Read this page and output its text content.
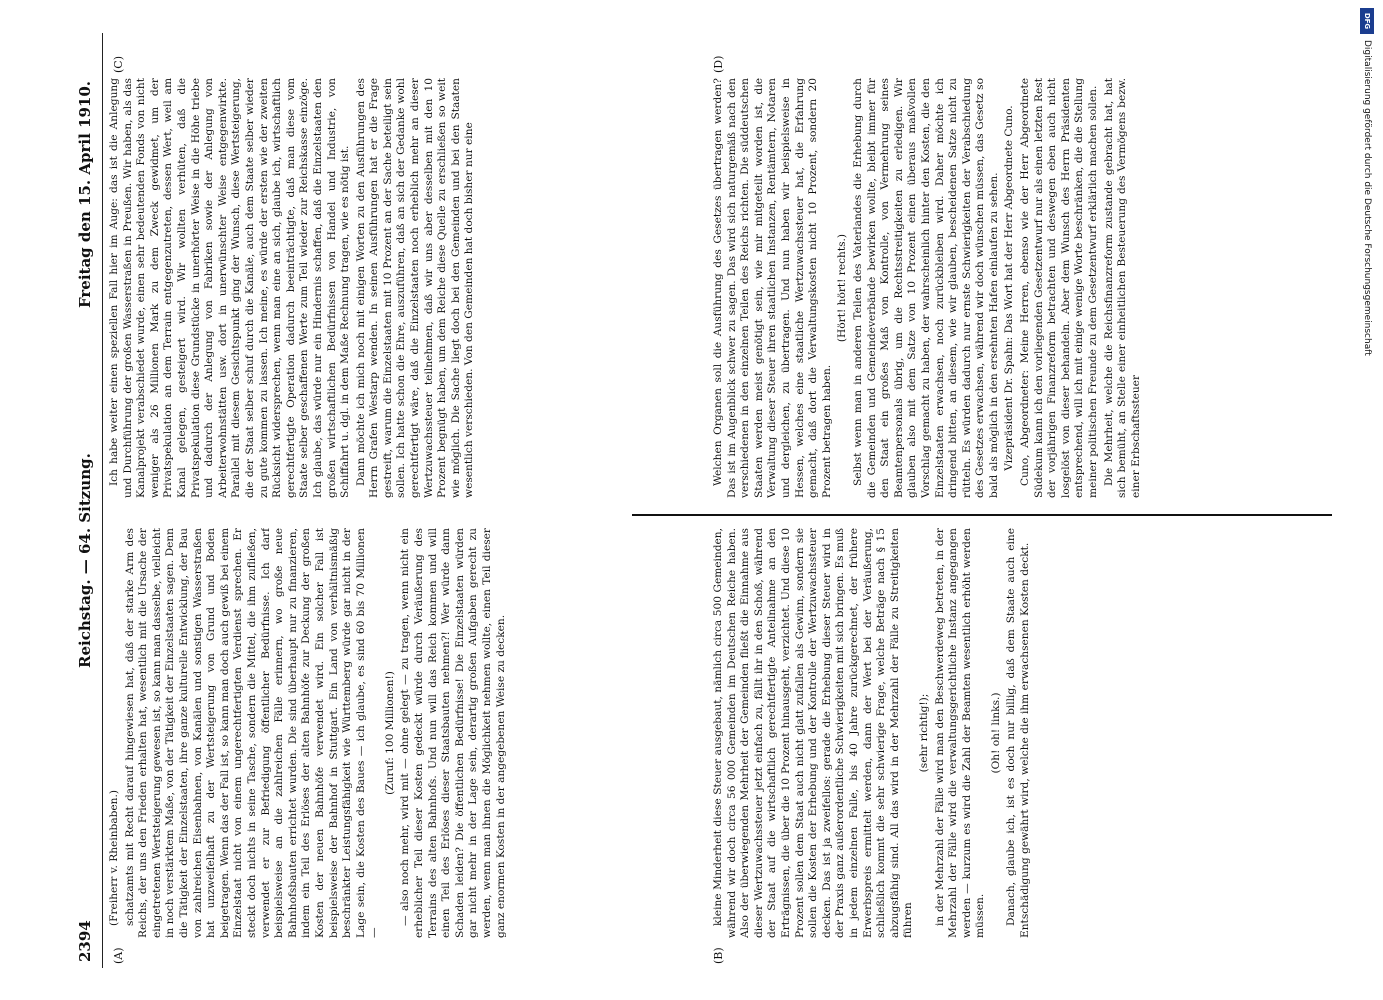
2394
Reichstag. — 64. Sitzung.
Freitag den 15. April 1910.
(A)	(B)
(C)	(D)

(Freiherr v. Rheinbaben.) schatzamts mit Recht darauf hingewiesen hat, daß der starke Arm des Reichs, der uns den Frieden erhalten hat, wesentlich mit die Ursache der eingetretenen Wertsteigerung gewesen ist, so kann man dasselbe, vielleicht in noch verstärktem Maße, von der Tätigkeit der Einzelstaaten sagen. Denn die Tätigkeit der Einzelstaaten, ihre ganze kulturelle Entwicklung, der Bau von zahlreichen Eisenbahnen, von Kanälen und sonstigen Wasserstraßen hat unzweifelhaft zu der Wertsteigerung von Grund und Boden beigetragen. Wenn das der Fall ist, so kann man doch auch gewiß bei einem Einzelstaat nicht von einem ungerechtfertigten Verdienst sprechen. Er steckt doch nichts in seine Tasche, sondern die Mittel, die ihm zufließen, verwendet er zur Befriedigung öffentlicher Bedürfnisse. Ich darf beispielsweise an die zahlreichen Fälle erinnern, wo große neue Bahnhofsbauten errichtet wurden. Die sind überhaupt nur zu finanzieren, indem ein Teil des Erlöses der alten Bahnhöfe zur Deckung der großen Kosten der neuen Bahnhöfe verwendet wird. Ein solcher Fall ist beispielsweise der Bahnhof in Stuttgart. Ein Land von verhältnismäßig beschränkter Leistungsfähigkeit wie Württemberg würde gar nicht in der Lage sein, die Kosten des Baues — ich glaube, es sind 60 bis 70 Millionen —

(Zuruf: 100 Millionen!) — also noch mehr, wird mit — ohne gelegt — zu tragen, wenn nicht ein erheblicher Teil dieser Kosten gedeckt würde durch Veräußerung des Terrains des alten Bahnhofs. Und nun will das Reich kommen und will einen Teil des Erlöses dieser Staatsbauten nehmen?! Wer würde dann Schaden leiden? Die öffentlichen Bedürfnisse! Die Einzelstaaten würden gar nicht mehr in der Lage sein, derartig großen Aufgaben gerecht zu werden, wenn man ihnen die Möglichkeit nehmen wollte, einen Teil dieser ganz enormen Kosten in der angegebenen Weise zu decken.

Ich habe weiter einen speziellen Fall hier im Auge: das ist die Anlegung und Durchführung der großen Wasserstraßen in Preußen. Wir haben, als das Kanalprojekt verabschiedet wurde, einen sehr bedeutenden Fonds von nicht weniger als 26 Millionen Mark zu dem Zweck gewidmet, um der Privatspekulation an dem Terrain entgegenzutreten, dessen Wert, weil am Kanal gelegen, gesteigert wird. Wir wollten verhüten, daß die Privatspekulation diese Grundstücke in unerhörter Weise in die Höhe triebe und dadurch der Anlegung von Fabriken sowie der Anlegung von Arbeiterwohnstätten usw. dort in unerwünschter Weise entgegenwirkte. Parallel mit diesem Gesichtspunkt ging der Wunsch, diese Wertsteigerung, die der Staat selber schuf durch die Kanäle, auch dem Staate selber wieder zu gute kommen zu lassen. Ich meine, es würde der ersten wie der zweiten Rücksicht widersprechen, wenn man eine an sich, glaube ich, wirtschaftlich gerechtfertigte Operation dadurch beeinträchtigte, daß man diese vom Staate selber geschaffenen Werte zum Teil wieder zur Reichskasse einzöge. Ich glaube, das würde nur ein Hindernis schaffen, daß die Einzelstaaten den großen wirtschaftlichen Bedürfnissen von Handel und Industrie, von Schiffahrt u. dgl. in dem Maße Rechnung tragen, wie es nötig ist. Dann möchte ich mich noch mit einigen Worten zu den Ausführungen des Herrn Grafen Westarp wenden. In seinen Ausführungen hat er die Frage gestreift, warum die Einzelstaaten mit 10 Prozent an der Sache beteiligt sein sollen. Ich hatte schon die Ehre, auszuführen, daß an sich der Gedanke wohl gerechtfertigt wäre, daß die Einzelstaaten noch erheblich mehr an dieser Wertzuwachssteuer teilnehmen, daß wir uns aber desselben mit den 10 Prozent begnügt haben, um dem Reiche diese Quelle zu erschließen so weit wie möglich. Die Sache liegt doch bei den Gemeinden und bei den Staaten wesentlich verschieden. Von den Gemeinden hat doch bisher nur eine

kleine Minderheit diese Steuer ausgebaut, nämlich circa 500 Gemeinden, während wir doch circa 56 000 Gemeinden im Deutschen Reiche haben. Also der überwiegenden Mehrheit der Gemeinden fließt die Einnahme aus dieser Wertzuwachssteuer jetzt einfach zu, fällt ihr in den Schoß, während der Staat auf die wirtschaftlich gerechtfertigte Anteilnahme an den Erträgnissen, die über die 10 Prozent hinausgeht, verzichtet. Und diese 10 Prozent sollen dem Staat auch nicht glatt zufallen als Gewinn, sondern sie sollen die Kosten der Erhebung und der Kontrolle der Wertzuwachssteuer decken. Das ist ja zweifellos: gerade die Erhebung dieser Steuer wird in der Praxis ganz außerordentliche Schwierigkeiten mit sich bringen. Es muß in jedem einzelnen Falle, bis 40 Jahre zurückgerechnet, der frühere Erwerbspreis ermittelt werden, dann der Wert bei der Veräußerung, schließlich kommt die sehr schwierige Frage, welche Beträge nach § 15 abzugsfähig sind. All das wird in der Mehrzahl der Fälle zu Streitigkeiten führen

(sehr richtig!); in der Mehrzahl der Fälle wird man den Beschwerdeweg betreten, in der Mehrzahl der Fälle wird die verwaltungsgerichtliche Instanz angegangen werden — kurzum es wird die Zahl der Beamten wesentlich erhöht werden müssen.

(Oh! oh! links.) Danach, glaube ich, ist es doch nur billig, daß dem Staate auch eine Entschädigung gewährt wird, welche die ihm erwachsenen Kosten deckt.

Welchen Organen soll die Ausführung des Gesetzes übertragen werden? Das ist im Augenblick schwer zu sagen. Das wird sich naturgemäß nach den verschiedenen in den einzelnen Teilen des Reichs richten. Die süddeutschen Staaten werden meist genötigt sein, wie mir mitgeteilt worden ist, die Verwaltung dieser Steuer ihren staatlichen Instanzen, Rentämtern, Notaren und dergleichen, zu übertragen. Und nun haben wir beispielsweise in Hessen, welches eine staatliche Wertzuwachssteuer hat, die Erfahrung gemacht, daß dort die Verwaltungskosten nicht 10 Prozent, sondern 20 Prozent betragen haben.

(Hört! hört! rechts.) Selbst wenn man in anderen Teilen des Vaterlandes die Erhebung durch die Gemeinden und Gemeindeverbände bewirken wollte, bleibt immer für den Staat ein großes Maß von Kontrolle, von Vermehrung seines Beamtenpersonals übrig, um die Rechtsstreitigkeiten zu erledigen. Wir glauben also mit dem Satze von 10 Prozent einen überaus maßvollen Vorschlag gemacht zu haben, der wahrscheinlich hinter den Kosten, die den Einzelstaaten erwachsen, noch zurückbleiben wird. Daher möchte ich dringend bitten, an diesem, wie wir glauben, bescheidenen Satze nicht zu rütteln. Es würden dadurch nur ernste Schwierigkeiten der Verabschiedung des Gesetzes erwachsen, während wir doch wünschen müssen, das Gesetz so bald als möglich in den ersehnten Hafen einlaufen zu sehen. Vizepräsident Dr. Spahn: Das Wort hat der Herr Abgeordnete Cuno. Cuno, Abgeordneter: Meine Herren, ebenso wie der Herr Abgeordnete Südekum kann ich den vorliegenden Gesetzentwurf nur als einen letzten Rest der vorjährigen Finanzreform betrachten und deswegen eben auch nicht losgelöst von dieser behandeln. Aber dem Wunsch des Herrn Präsidenten entsprechend, will ich mit einige wenige Worte beschränken, die die Stellung meiner politischen Freunde zu dem Gesetzentwurf erklärlich machen sollen. Die Mehrheit, welche die Reichsfinanzreform zustande gebracht hat, hat sich bemüht, an Stelle einer einheitlichen Besteuerung des Vermögens bezw. einer Erbschaftssteuer

DFG
Digitalisierung gefördert durch die Deutsche Forschungsgemeinschaft
